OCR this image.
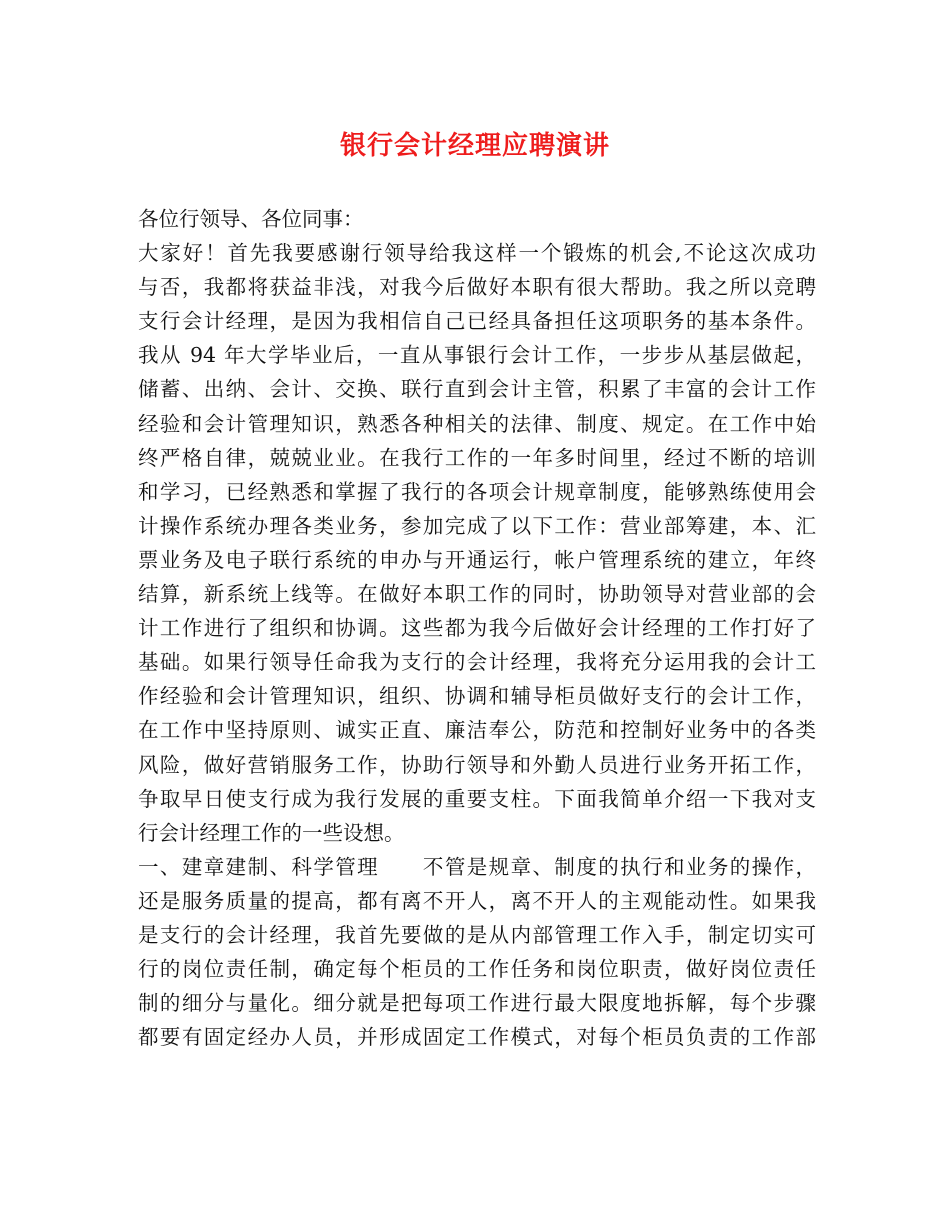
银行会计经理应聘演讲
各位行领导、各位同事：
大家好！首先我要感谢行领导给我这样一个锻炼的机会,不论这次成功
与否，我都将获益非浅，对我今后做好本职有很大帮助。我之所以竞聘
支行会计经理，是因为我相信自己已经具备担任这项职务的基本条件。
我从 94 年大学毕业后，一直从事银行会计工作，一步步从基层做起，
储蓄、出纳、会计、交换、联行直到会计主管，积累了丰富的会计工作
经验和会计管理知识，熟悉各种相关的法律、制度、规定。在工作中始
终严格自律，兢兢业业。在我行工作的一年多时间里，经过不断的培训
和学习，已经熟悉和掌握了我行的各项会计规章制度，能够熟练使用会
计操作系统办理各类业务，参加完成了以下工作：营业部筹建，本、汇
票业务及电子联行系统的申办与开通运行，帐户管理系统的建立，年终
结算，新系统上线等。在做好本职工作的同时，协助领导对营业部的会
计工作进行了组织和协调。这些都为我今后做好会计经理的工作打好了
基础。如果行领导任命我为支行的会计经理，我将充分运用我的会计工
作经验和会计管理知识，组织、协调和辅导柜员做好支行的会计工作，
在工作中坚持原则、诚实正直、廉洁奉公，防范和控制好业务中的各类
风险，做好营销服务工作，协助行领导和外勤人员进行业务开拓工作，
争取早日使支行成为我行发展的重要支柱。下面我简单介绍一下我对支
行会计经理工作的一些设想。
一、建章建制、科学管理　　不管是规章、制度的执行和业务的操作，
还是服务质量的提高，都有离不开人，离不开人的主观能动性。如果我
是支行的会计经理，我首先要做的是从内部管理工作入手，制定切实可
行的岗位责任制，确定每个柜员的工作任务和岗位职责，做好岗位责任
制的细分与量化。细分就是把每项工作进行最大限度地拆解，每个步骤
都要有固定经办人员，并形成固定工作模式，对每个柜员负责的工作部
